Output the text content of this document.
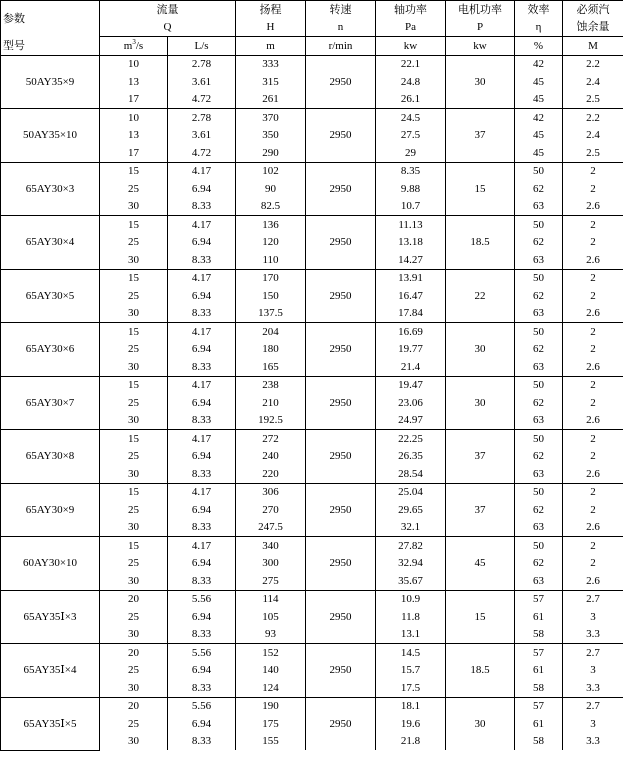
参数	流量		扬程	转速	轴功率	电机功率	效率	必须汽
	Q		H	n	Pa	P	η	蚀余量
型号	$m^3/s$	L/s	m	r/min	kw	kw	%	M
50AY35×9	10	2.78	333	2950	22.1	30	42	2.2
	13	3.61	315		24.8		45	2.4
	17	4.72	261		26.1		45	2.5
50AY35×10	10	2.78	370	2950	24.5	37	42	2.2
	13	3.61	350		27.5		45	2.4
	17	4.72	290		29		45	2.5
65AY30×3	15	4.17	102	2950	8.35	15	50	2
	25	6.94	90		9.88		62	2
	30	8.33	82.5		10.7		63	2.6
65AY30×4	15	4.17	136	2950	11.13	18.5	50	2
	25	6.94	120		13.18		62	2
	30	8.33	110		14.27		63	2.6
65AY30×5	15	4.17	170	2950	13.91	22	50	2
	25	6.94	150		16.47		62	2
	30	8.33	137.5		17.84		63	2.6
65AY30×6	15	4.17	204	2950	16.69	30	50	2
	25	6.94	180		19.77		62	2
	30	8.33	165		21.4		63	2.6
65AY30×7	15	4.17	238	2950	19.47	30	50	2
	25	6.94	210		23.06		62	2
	30	8.33	192.5		24.97		63	2.6
65AY30×8	15	4.17	272	2950	22.25	37	50	2
	25	6.94	240		26.35		62	2
	30	8.33	220		28.54		63	2.6
65AY30×9	15	4.17	306	2950	25.04	37	50	2
	25	6.94	270		29.65		62	2
	30	8.33	247.5		32.1		63	2.6
60AY30×10	15	4.17	340	2950	27.82	45	50	2
	25	6.94	300		32.94		62	2
	30	8.33	275		35.67		63	2.6
65AY35Ⅰ×3	20	5.56	114	2950	10.9	15	57	2.7
	25	6.94	105		11.8		61	3
	30	8.33	93		13.1		58	3.3
65AY35Ⅰ×4	20	5.56	152	2950	14.5	18.5	57	2.7
	25	6.94	140		15.7		61	3
	30	8.33	124		17.5		58	3.3
65AY35Ⅰ×5	20	5.56	190	2950	18.1	30	57	2.7
	25	6.94	175		19.6		61	3
	30	8.33	155		21.8		58	3.3
